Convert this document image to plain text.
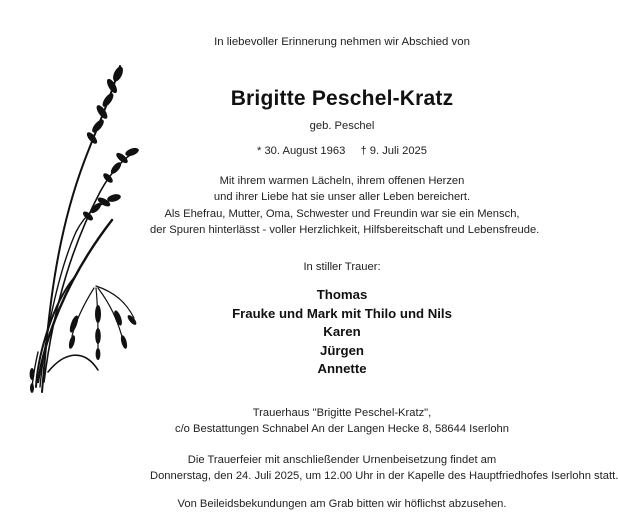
In liebevoller Erinnerung nehmen wir Abschied von
Brigitte Peschel-Kratz
geb. Peschel
* 30. August 1963 † 9. Juli 2025
Mit ihrem warmen Lächeln, ihrem offenen Herzen
und ihrer Liebe hat sie unser aller Leben bereichert.
Als Ehefrau, Mutter, Oma, Schwester und Freundin war sie ein Mensch,
der Spuren hinterlässt - voller Herzlichkeit, Hilfsbereitschaft und Lebensfreude.
In stiller Trauer:
Thomas
Frauke und Mark mit Thilo und Nils
Karen
Jürgen
Annette
Trauerhaus "Brigitte Peschel-Kratz",
c/o Bestattungen Schnabel An der Langen Hecke 8, 58644 Iserlohn
Die Trauerfeier mit anschließender Urnenbeisetzung findet am
Donnerstag, den 24. Juli 2025, um 12.00 Uhr in der Kapelle des Hauptfriedhofes Iserlohn statt.
Von Beileidsbekundungen am Grab bitten wir höflichst abzusehen.
